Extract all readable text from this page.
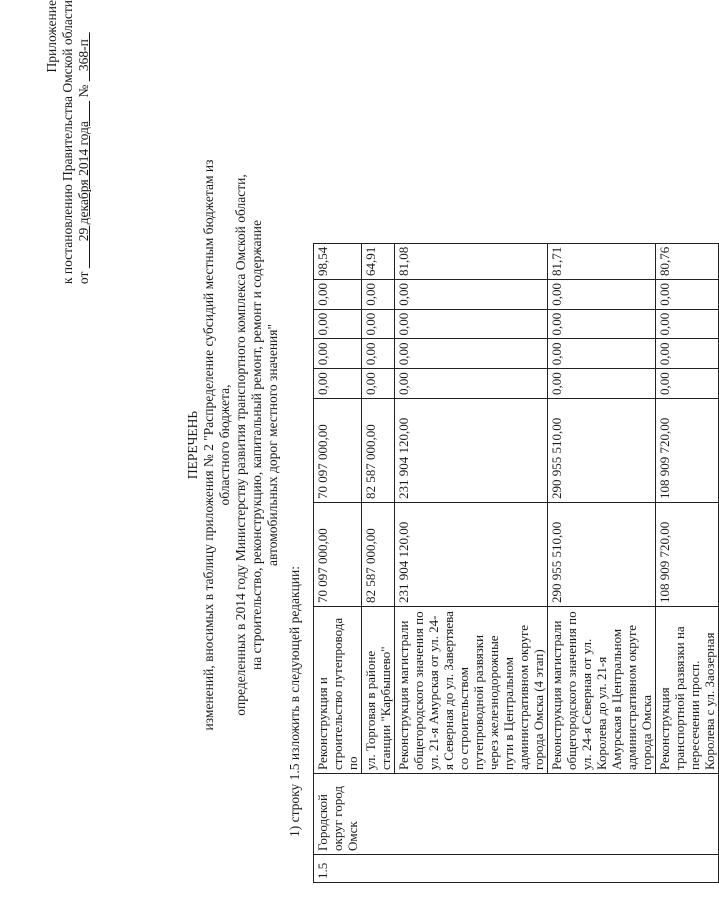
Приложение к постановлению Правительства Омской области от         29 декабря 2014 года       №    368-п
ПЕРЕЧЕНЬ изменений, вносимых в таблицу приложения № 2 "Распределение субсидий местным бюджетам из областного бюджета, определенных в 2014 году Министерству развития транспортного комплекса Омской области, на строительство, реконструкцию, капитальный ремонт, ремонт и содержание автомобильных дорог местного значения"
1) строку 1.5 изложить в следующей редакции:
1.5	Городской округ город Омск	Реконструкция и строительство путепровода по	70 097 000,00	70 097 000,00	0,00	0,00	0,00	0,00	98,54
		ул. Торговая в районе станции "Карбышево"	82 587 000,00	82 587 000,00	0,00	0,00	0,00	0,00	64,91
		Реконструкция магистрали общегородского значения по ул. 21-я Амурская от ул. 24-я Северная до ул. Завертяева со строительством путепроводной развязки через железнодорожные пути в Центральном административном округе города Омска (4 этап)	231 904 120,00	231 904 120,00	0,00	0,00	0,00	0,00	81,08
		Реконструкция магистрали общегородского значения по ул. 24-я Северная от ул. Королева до ул. 21-я Амурская в Центральном административном округе города Омска	290 955 510,00	290 955 510,00	0,00	0,00	0,00	0,00	81,71
		Реконструкция транспортной развязки на пересечении просп. Королева с ул. Заозерная	108 909 720,00	108 909 720,00	0,00	0,00	0,00	0,00	80,76
